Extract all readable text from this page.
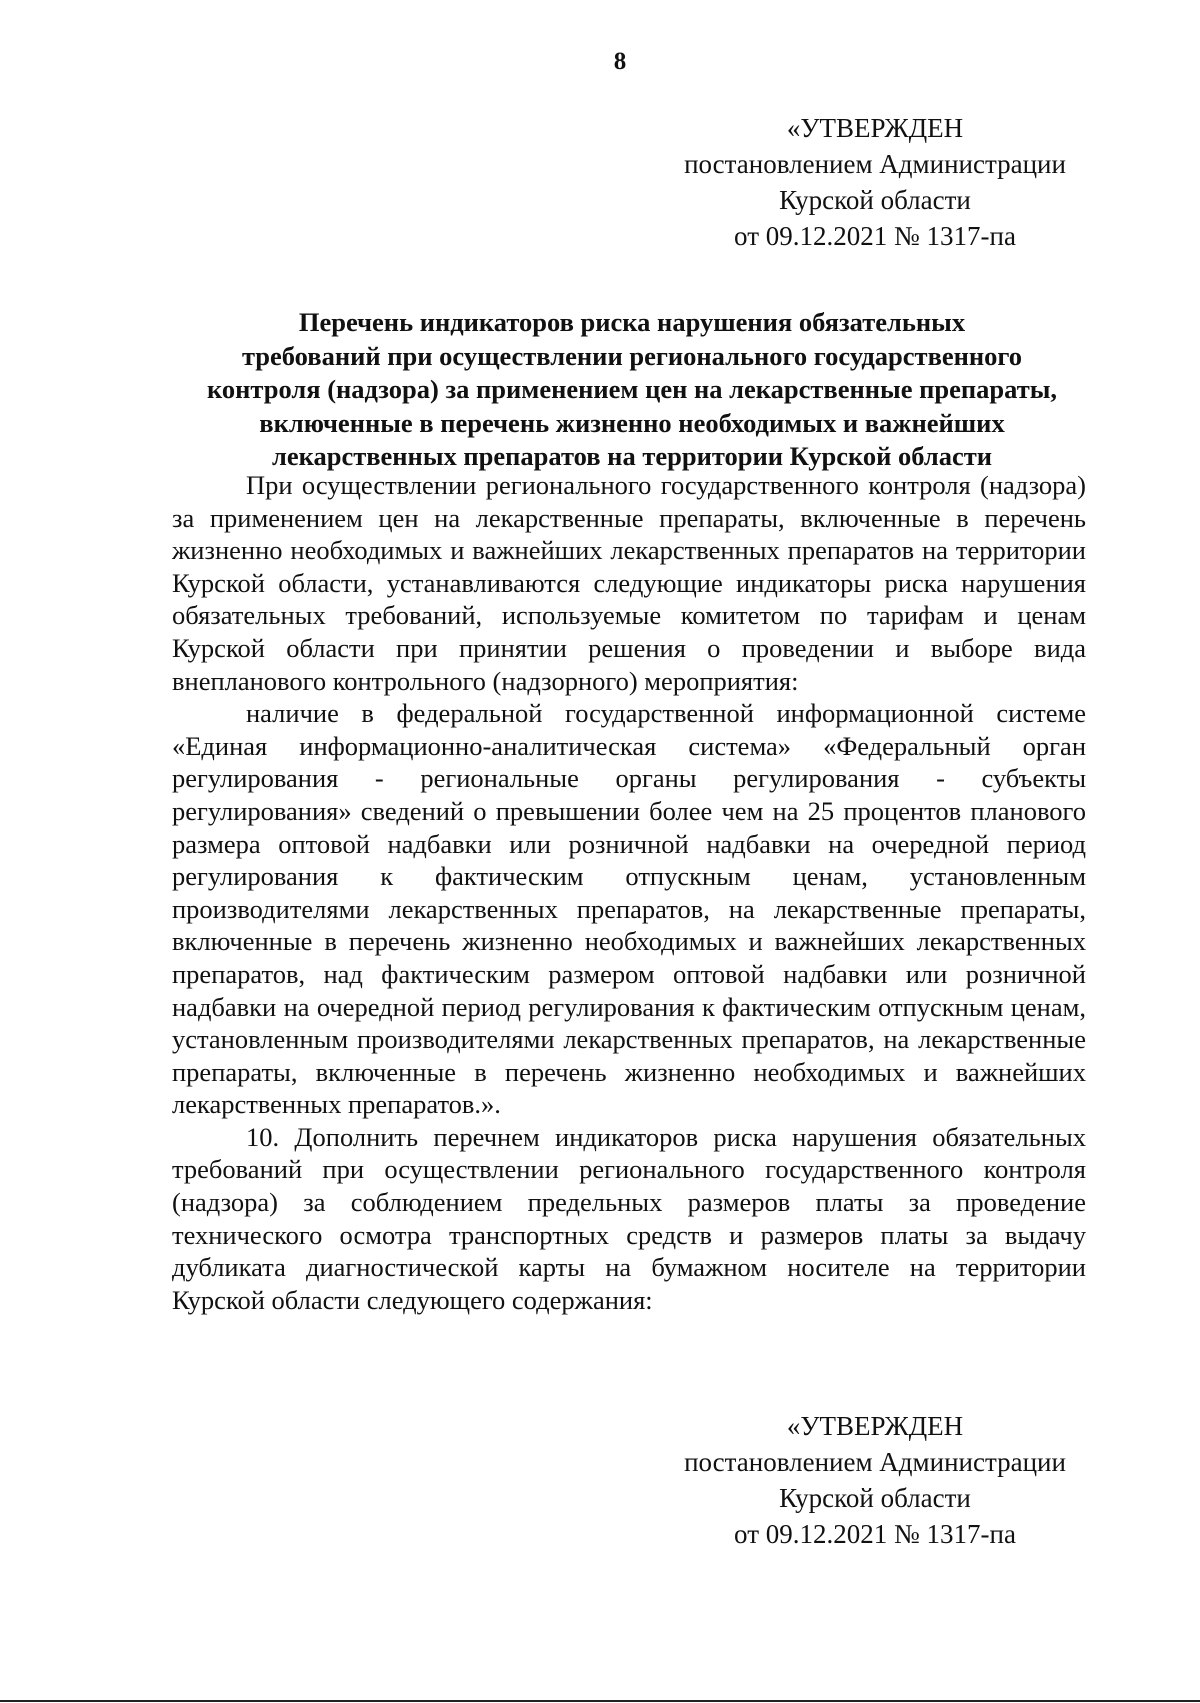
8
«УТВЕРЖДЕН
постановлением Администрации
Курской области
от 09.12.2021 № 1317-па
Перечень индикаторов риска нарушения обязательных
требований при осуществлении регионального государственного
контроля (надзора) за применением цен на лекарственные препараты,
включенные в перечень жизненно необходимых и важнейших
лекарственных препаратов на территории Курской области

При осуществлении регионального государственного контроля (надзора) за применением цен на лекарственные препараты, включенные в перечень жизненно необходимых и важнейших лекарственных препаратов на территории Курской области, устанавливаются следующие индикаторы риска нарушения обязательных требований, используемые комитетом по тарифам и ценам Курской области при принятии решения о проведении и выборе вида внепланового контрольного (надзорного) мероприятия:

наличие в федеральной государственной информационной системе «Единая информационно-аналитическая система» «Федеральный орган регулирования - региональные органы регулирования - субъекты регулирования» сведений о превышении более чем на 25 процентов планового размера оптовой надбавки или розничной надбавки на очередной период регулирования к фактическим отпускным ценам, установленным производителями лекарственных препаратов, на лекарственные препараты, включенные в перечень жизненно необходимых и важнейших лекарственных препаратов, над фактическим размером оптовой надбавки или розничной надбавки на очередной период регулирования к фактическим отпускным ценам, установленным производителями лекарственных препаратов, на лекарственные препараты, включенные в перечень жизненно необходимых и важнейших лекарственных препаратов.».

10. Дополнить перечнем индикаторов риска нарушения обязательных требований при осуществлении регионального государственного контроля (надзора) за соблюдением предельных размеров платы за проведение технического осмотра транспортных средств и размеров платы за выдачу дубликата диагностической карты на бумажном носителе на территории Курской области следующего содержания:

«УТВЕРЖДЕН
постановлением Администрации
Курской области
от 09.12.2021 № 1317-па
